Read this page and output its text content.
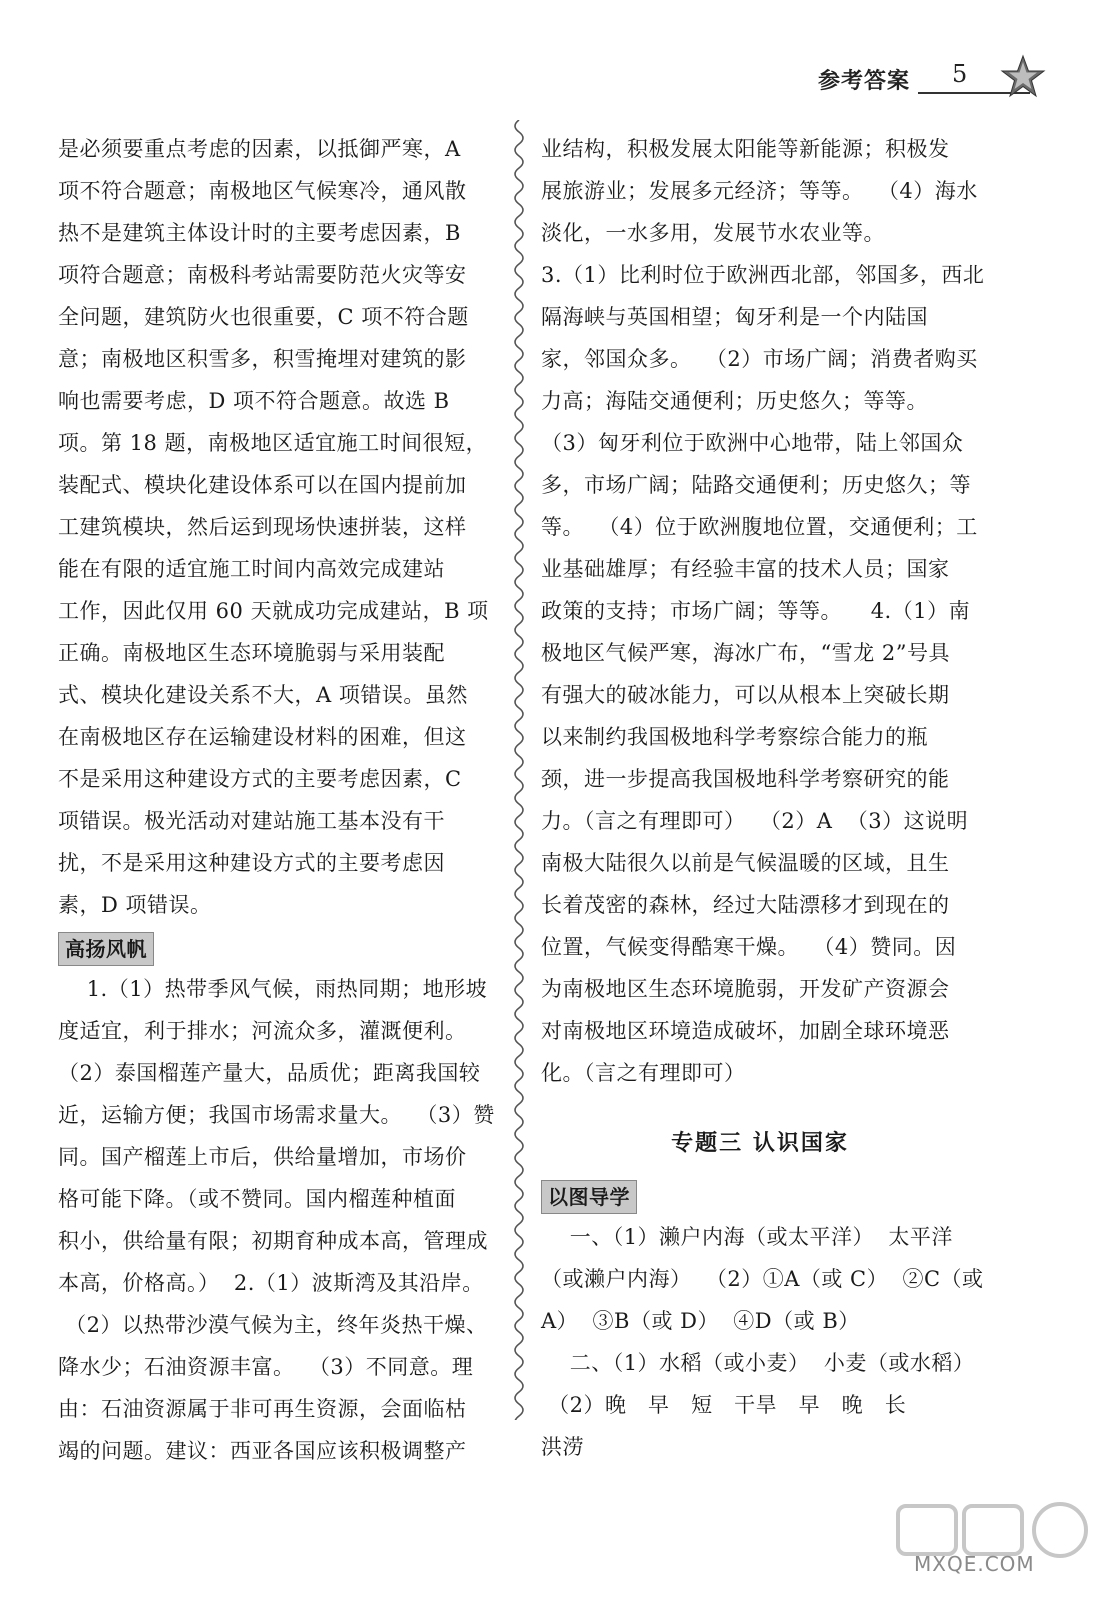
参考答案 5
是必须要重点考虑的因素，以抵御严寒，A
项不符合题意；南极地区气候寒冷，通风散
热不是建筑主体设计时的主要考虑因素，B
项符合题意；南极科考站需要防范火灾等安
全问题，建筑防火也很重要，C 项不符合题
意；南极地区积雪多，积雪掩埋对建筑的影
响也需要考虑，D 项不符合题意。故选 B
项。第 18 题，南极地区适宜施工时间很短，
装配式、模块化建设体系可以在国内提前加
工建筑模块，然后运到现场快速拼装，这样
能在有限的适宜施工时间内高效完成建站
工作，因此仅用 60 天就成功完成建站，B 项
正确。南极地区生态环境脆弱与采用装配
式、模块化建设关系不大，A 项错误。虽然
在南极地区存在运输建设材料的困难，但这
不是采用这种建设方式的主要考虑因素，C
项错误。极光活动对建站施工基本没有干
扰，不是采用这种建设方式的主要考虑因
素，D 项错误。
高扬风帆
1.（1）热带季风气候，雨热同期；地形坡
度适宜，利于排水；河流众多，灌溉便利。
（2）泰国榴莲产量大，品质优；距离我国较
近，运输方便；我国市场需求量大。  （3）赞
同。国产榴莲上市后，供给量增加，市场价
格可能下降。（或不赞同。国内榴莲种植面
积小，供给量有限；初期育种成本高，管理成
本高，价格高。）  2.（1）波斯湾及其沿岸。
（2）以热带沙漠气候为主，终年炎热干燥、
降水少；石油资源丰富。  （3）不同意。理
由：石油资源属于非可再生资源，会面临枯
竭的问题。建议：西亚各国应该积极调整产
业结构，积极发展太阳能等新能源；积极发
展旅游业；发展多元经济；等等。  （4）海水
淡化，一水多用，发展节水农业等。
3.（1）比利时位于欧洲西北部，邻国多，西北
隔海峡与英国相望；匈牙利是一个内陆国
家，邻国众多。  （2）市场广阔；消费者购买
力高；海陆交通便利；历史悠久；等等。
（3）匈牙利位于欧洲中心地带，陆上邻国众
多，市场广阔；陆路交通便利；历史悠久；等
等。  （4）位于欧洲腹地位置，交通便利；工
业基础雄厚；有经验丰富的技术人员；国家
政策的支持；市场广阔；等等。    4.（1）南
极地区气候严寒，海冰广布，“雪龙 2”号具
有强大的破冰能力，可以从根本上突破长期
以来制约我国极地科学考察综合能力的瓶
颈，进一步提高我国极地科学考察研究的能
力。（言之有理即可）  （2）A  （3）这说明
南极大陆很久以前是气候温暖的区域，且生
长着茂密的森林，经过大陆漂移才到现在的
位置，气候变得酷寒干燥。  （4）赞同。因
为南极地区生态环境脆弱，开发矿产资源会
对南极地区环境造成破坏，加剧全球环境恶
化。（言之有理即可）
专题三 认识国家
以图导学
一、（1）濑户内海（或太平洋）  太平洋
（或濑户内海）  （2）①A（或 C）  ②C（或
A）  ③B（或 D）  ④D（或 B）
二、（1）水稻（或小麦）  小麦（或水稻）
（2）晚   早   短   干旱   早   晚   长
洪涝
MXQE.COM
